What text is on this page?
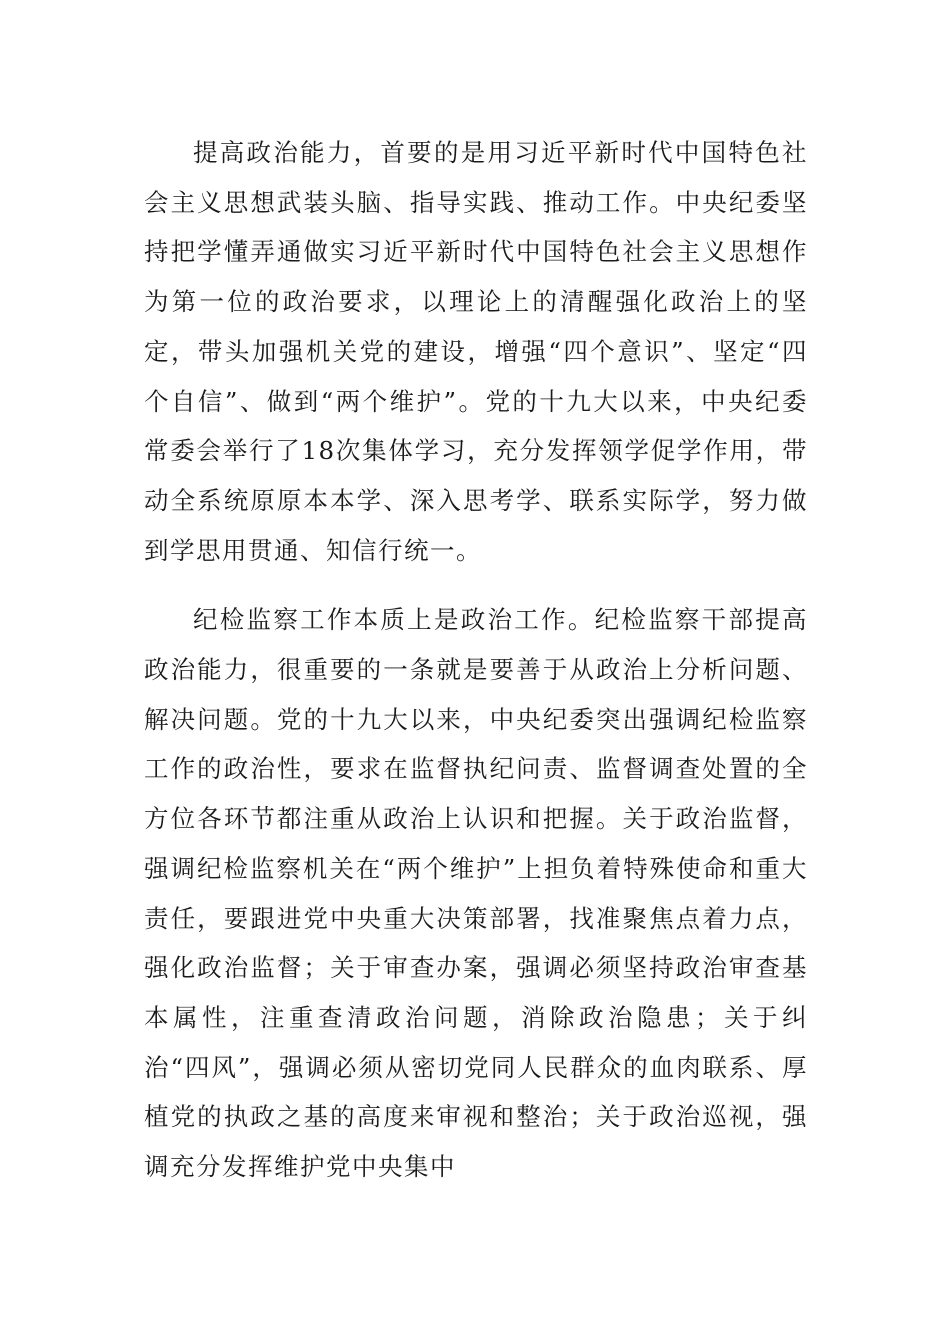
提高政治能力，首要的是用习近平新时代中国特色社会主义思想武装头脑、指导实践、推动工作。中央纪委坚持把学懂弄通做实习近平新时代中国特色社会主义思想作为第一位的政治要求，以理论上的清醒强化政治上的坚定，带头加强机关党的建设，增强“四个意识”、坚定“四个自信”、做到“两个维护”。党的十九大以来，中央纪委常委会举行了18次集体学习，充分发挥领学促学作用，带动全系统原原本本学、深入思考学、联系实际学，努力做到学思用贯通、知信行统一。

纪检监察工作本质上是政治工作。纪检监察干部提高政治能力，很重要的一条就是要善于从政治上分析问题、解决问题。党的十九大以来，中央纪委突出强调纪检监察工作的政治性，要求在监督执纪问责、监督调查处置的全方位各环节都注重从政治上认识和把握。关于政治监督，强调纪检监察机关在“两个维护”上担负着特殊使命和重大责任，要跟进党中央重大决策部署，找准聚焦点着力点，强化政治监督；关于审查办案，强调必须坚持政治审查基本属性，注重查清政治问题，消除政治隐患；关于纠治“四风”，强调必须从密切党同人民群众的血肉联系、厚植党的执政之基的高度来审视和整治；关于政治巡视，强调充分发挥维护党中央集中
